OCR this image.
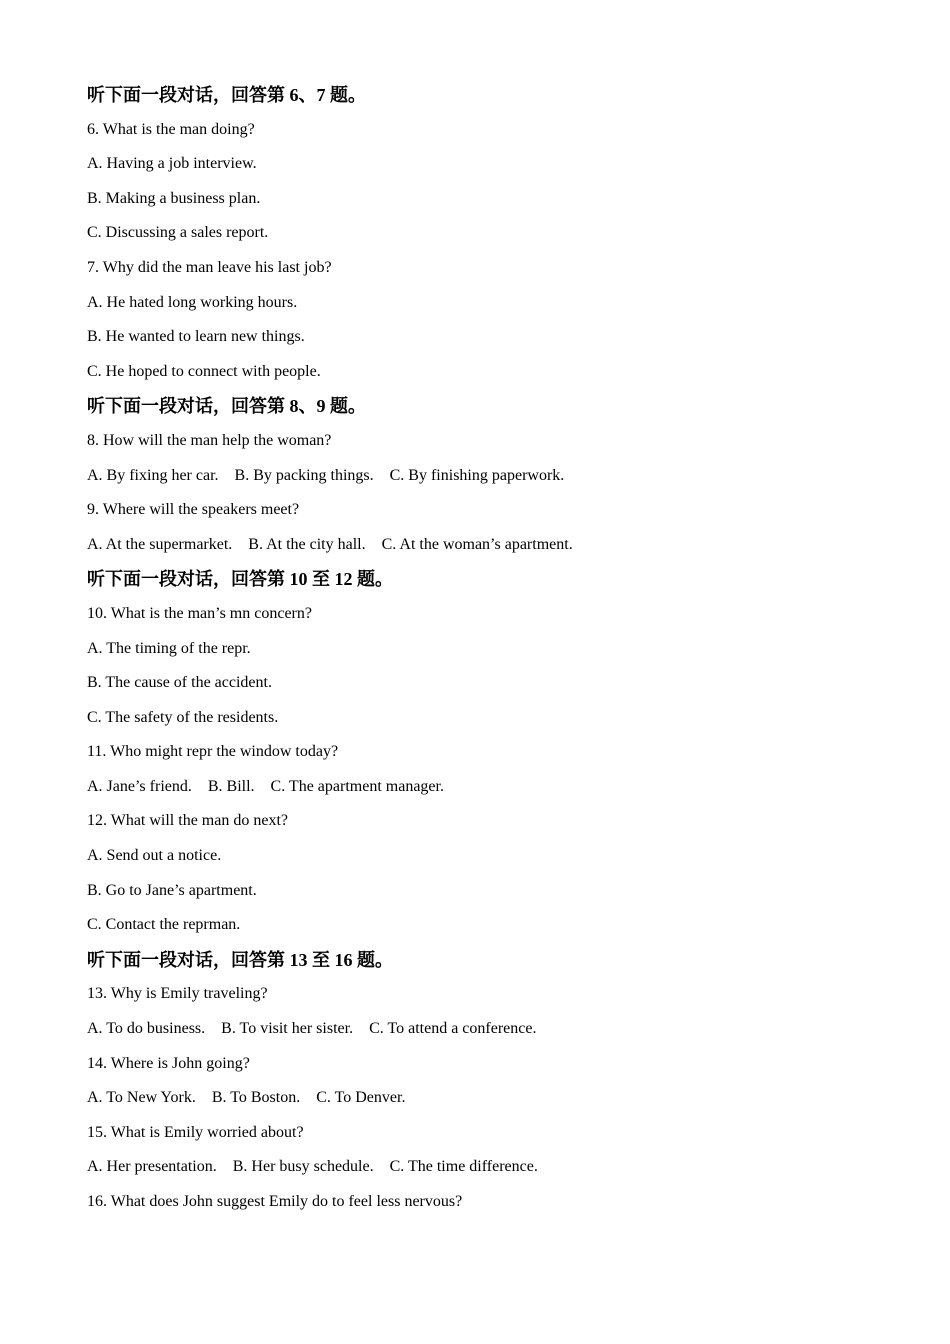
听下面一段对话，回答第 6、7 题。
6. What is the man doing?
A. Having a job interview.
B. Making a business plan.
C. Discussing a sales report.
7. Why did the man leave his last job?
A. He hated long working hours.
B. He wanted to learn new things.
C. He hoped to connect with people.
听下面一段对话，回答第 8、9 题。
8. How will the man help the woman?
A. By fixing her car.    B. By packing things.    C. By finishing paperwork.
9. Where will the speakers meet?
A. At the supermarket.    B. At the city hall.    C. At the woman’s apartment.
听下面一段对话，回答第 10 至 12 题。
10. What is the man’s mn concern?
A. The timing of the repr.
B. The cause of the accident.
C. The safety of the residents.
11. Who might repr the window today?
A. Jane’s friend.    B. Bill.    C. The apartment manager.
12. What will the man do next?
A. Send out a notice.
B. Go to Jane’s apartment.
C. Contact the reprman.
听下面一段对话，回答第 13 至 16 题。
13. Why is Emily traveling?
A. To do business.    B. To visit her sister.    C. To attend a conference.
14. Where is John going?
A. To New York.    B. To Boston.    C. To Denver.
15. What is Emily worried about?
A. Her presentation.    B. Her busy schedule.    C. The time difference.
16. What does John suggest Emily do to feel less nervous?
